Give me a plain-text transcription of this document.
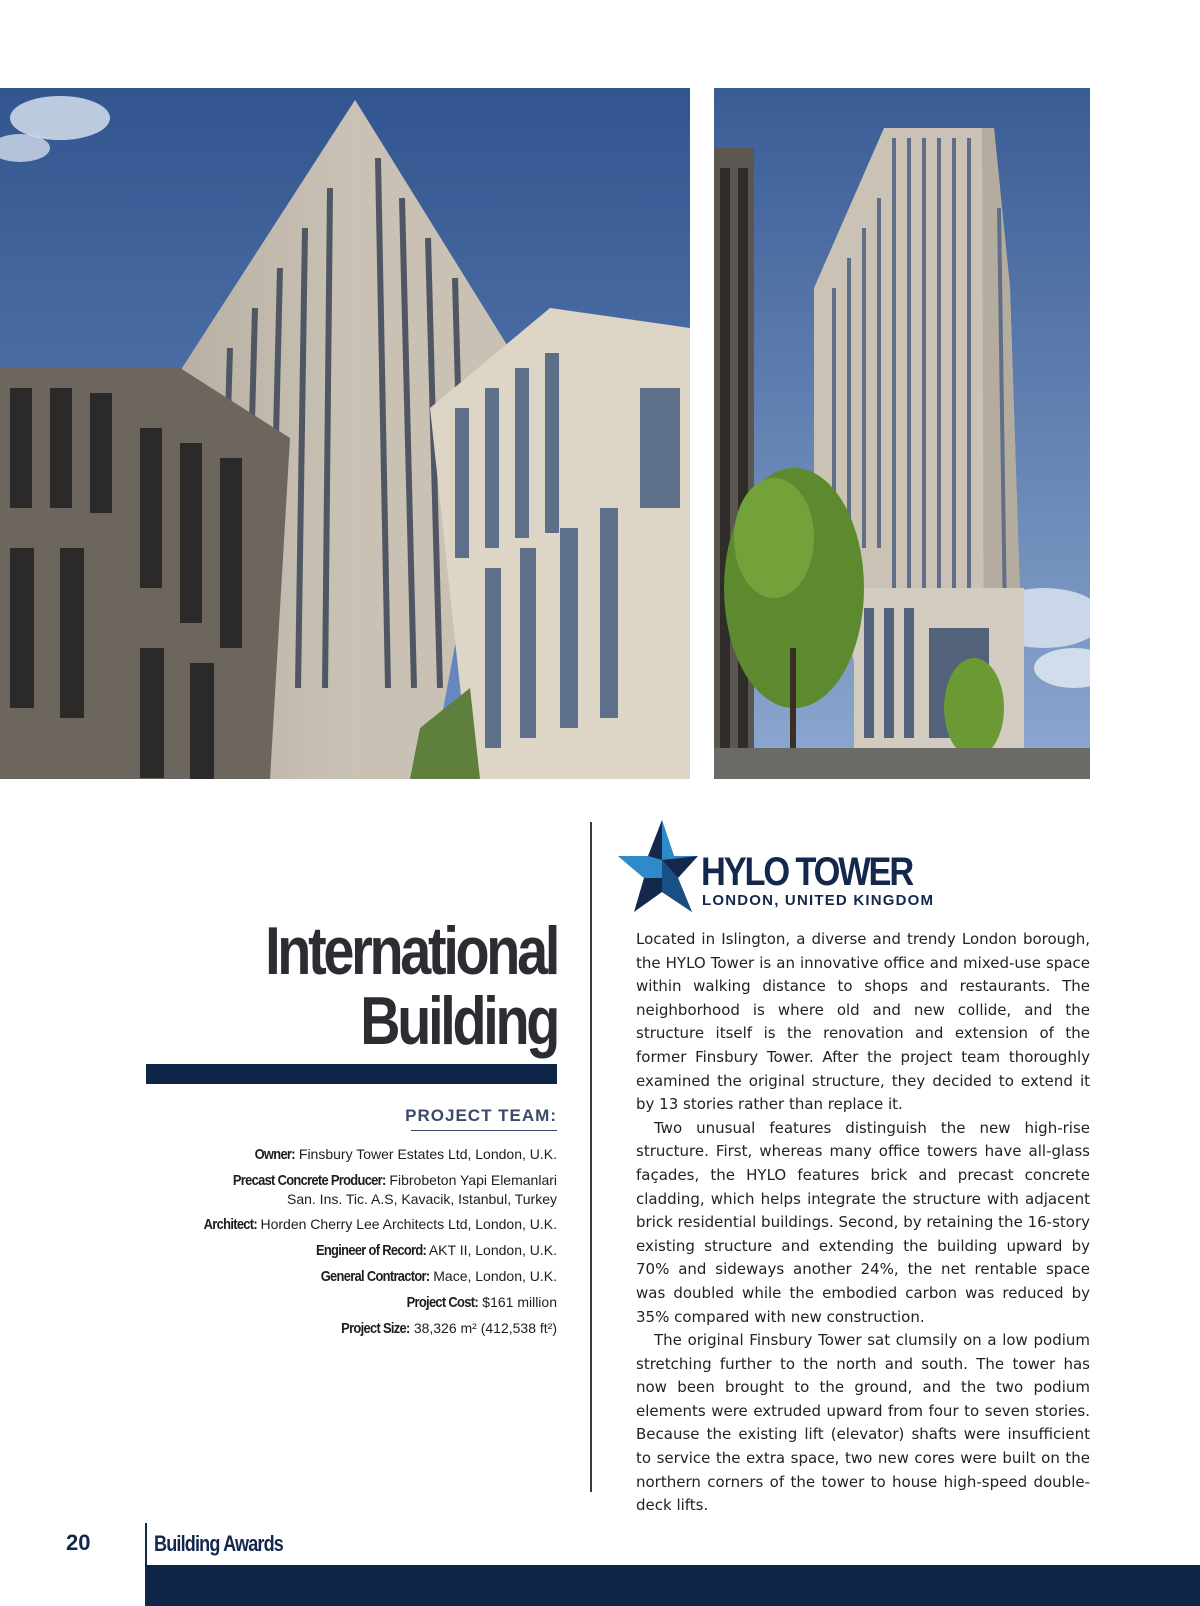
International
Building
PROJECT TEAM:
Owner: Finsbury Tower Estates Ltd, London, U.K.
Precast Concrete Producer: Fibrobeton Yapi Elemanlari
San. Ins. Tic. A.S, Kavacik, Istanbul, Turkey
Architect: Horden Cherry Lee Architects Ltd, London, U.K.
Engineer of Record: AKT II, London, U.K.
General Contractor: Mace, London, U.K.
Project Cost: $161 million
Project Size: 38,326 m² (412,538 ft²)
HYLO TOWER
LONDON, UNITED KINGDOM

Located in Islington, a diverse and trendy London borough, the HYLO Tower is an innovative office and mixed-use space within walking distance to shops and restaurants. The neighborhood is where old and new collide, and the structure itself is the renovation and extension of the former Finsbury Tower. After the project team thoroughly examined the original structure, they decided to extend it by 13 stories rather than replace it.

Two unusual features distinguish the new high-rise structure. First, whereas many office towers have all-glass façades, the HYLO features brick and precast concrete cladding, which helps integrate the structure with adjacent brick residential buildings. Second, by retaining the 16-story existing structure and extending the building upward by 70% and sideways another 24%, the net rentable space was doubled while the embodied carbon was reduced by 35% compared with new construction.

The original Finsbury Tower sat clumsily on a low podium stretching further to the north and south. The tower has now been brought to the ground, and the two podium elements were extruded upward from four to seven stories. Because the existing lift (elevator) shafts were insufficient to service the extra space, two new cores were built on the northern corners of the tower to house high-speed double-deck lifts.

20	Building Awards
